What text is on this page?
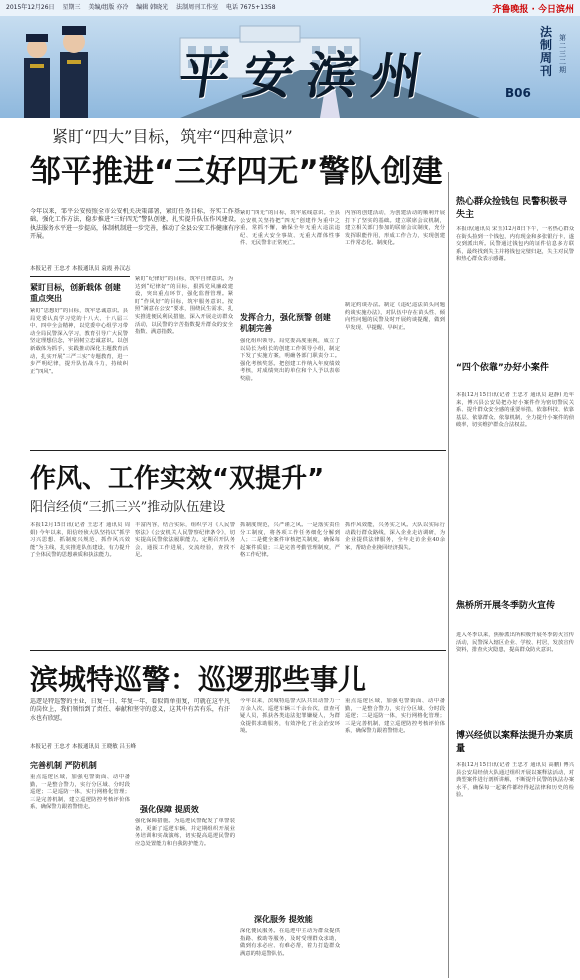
2015年12月26日 星期三 美编/组版 亦冷 编辑 韩晓光 法制周刊工作室 电话 7675+1358	齐鲁晚报 · 今日滨州
平安滨州
法制周刊
第二三二期
B06
紧盯“四大”目标，筑牢“四种意识”
邹平推进“三好四无”警队创建
今年以来，邹平公安按照全市公安机关决策部署，紧盯任务目标，夯实工作基础，强化工作方法，稳步推进“三好四无”警队创建，扎实提升队伍作风建设，执法服务水平进一步提高，体制机制进一步完善，推动了全县公安工作健康有序开展。
本报记者 王忠才 本报通讯员 袁霞 孙汉志
紧盯目标，创新载体 创建重点突出
紧盯“思想好”的目标，筑牢忠诚意识。县局党委认真学习党的十八大、十八届三中、四中全会精神，以党委中心组学习带动全局民警深入学习，教育引导广大民警坚定理想信念，牢固树立忠诚意识。以创新载体为抓手，实践推动深化主题教育活动，扎实开展“三严三实”专题教育，进一步严明纪律，提升队伍战斗力，持续纠正“四风”。
紧盯“纪律好”的目标，筑牢自律意识。为达到“纪律好”的目标，狠抓党风廉政建设，突出重点环节，强化监督管理。紧盯“作风好”的目标，筑牢服务意识。按照“满意在公安”要求，围绕民生需求，扎实推进便民利民措施，深入开展走访群众活动，以民警的辛苦指数提升群众的安全指数、满意指数。
紧盯“四无”的目标，筑牢底线意识。全县公安机关坚持把“四无”创建作为重中之重，常抓不懈，确保全年无重大违法违纪、无重大安全事故、无重大群体性事件、无民警非正常死亡。
发挥合力，强化预警 创建机制完善
强化组织领导。局党委高度重视，成立了以局长为组长的创建工作领导小组，制定下发了实施方案，明确各部门职责分工。强化考核奖惩。把创建工作纳入年度绩效考核，对成绩突出的单位和个人予以表彰奖励。
内容的创建活动，为创建活动的顺利开展打下了坚实的基础。建立联席会议机制，建立相关部门参加的联席会议制度，充分发挥职能作用，形成工作合力，实现创建工作常态化、制度化。
制定约谈办法。制定《违纪违法苗头问题约谈实施办法》，对队伍中存在苗头性、倾向性问题的民警及时开展约谈提醒，做到早发现、早提醒、早纠正。
作风、工作实效“双提升”
阳信经侦“三抓三兴”推动队伍建设
本报12月15日讯(记者 王忠才 通讯员 周娟) 今年以来，阳信经侦大队坚持以“抓学习兴思想、抓制度兴规范、抓作风兴效能”为主线，扎实推进队伍建设，有力提升了全体民警的思想素质和执法能力。
丰富内容，结合实际，组织学习《人民警察法》《公安机关人民警察纪律条令》，切实提高民警依法履职能力。定期召开队务会，通报工作进展，交流经验，查找不足。
抓制度规范，兴严谨之风。一是落实责任分工制度，将各项工作任务细化分解到人；二是健全案件审核把关制度，确保每起案件质量；三是完善考勤管理制度，严格工作纪律。
抓作风效能，兴务实之风。大队以实际行动践行群众路线，深入企业走访调研，为企业提供法律服务，全年走访企业40余家，帮助企业挽回经济损失。
滨城特巡警：巡逻那些事儿
巡逻是特巡警的主业，日复一日、年复一年，看似简单重复，可就在这平凡的岗位上，我们领悟到了责任、奉献和坚守的意义，这其中有苦有乐，有汗水也有欣慰。
本报记者 王忠才 本报通讯员 王晓敏 吕玉峰
完善机制 严防机制
重点巡逻区域，加强屯警街面、动中备勤，一是整合警力，实行分区域、分时段巡逻；二是巡防一体，实行网格化管理；三是完善机制，建立巡逻防控考核评价体系，确保警力跟着警情走。	强化保障 提质效
强化保障措施。为巡逻民警配发了单警装备，更新了巡逻车辆，并定期组织开展业务培训和实战演练，切实提高巡逻民警的应急处置能力和自我防护能力。
今年以来，滨城特巡警大队共出动警力一万余人次，巡逻车辆三千余台次，盘查可疑人员，抓获各类违法犯罪嫌疑人，为群众提供求助服务，有效净化了社会治安环境。
深化服务 提效能
深化便民服务。在巡逻中主动为群众提供指路、救助等服务，及时受理群众求助，做到有求必应、有难必帮，着力打造群众满意的特巡警队伍。
重点巡逻区域，加强屯警街面、动中备勤，一是整合警力，实行分区域、分时段巡逻；二是巡防一体，实行网格化管理；三是完善机制，建立巡逻防控考核评价体系，确保警力跟着警情走。
热心群众捡钱包 民警积极寻失主
本报讯(通讯员 宋玉)12月8日下午，一名热心群众在街头捡到一个钱包，内有现金和多张银行卡，遂交到派出所。民警通过钱包内的证件信息多方联系，最终找到失主并将钱包完璧归赵，失主对民警和热心群众表示感谢。
“四个依靠”办好小案件
本报12月15日讯(记者 王忠才 通讯员 赵静) 近年来，博兴县公安局把办好小案件作为密切警民关系、提升群众安全感的重要举措，依靠科技、依靠基层、依靠群众、依靠机制，全力提升小案件的侦破率，切实维护群众合法权益。
焦桥所开展冬季防火宣传
进入冬季以来，焦桥派出所积极开展冬季防火宣传活动，民警深入辖区企业、学校、村居，发放宣传资料，排查火灾隐患，提高群众防火意识。
博兴经侦以案释法提升办案质量
本报12月15日讯(记者 王忠才 通讯员 高鹏) 博兴县公安局经侦大队通过组织开展以案释法活动，对典型案件进行剖析讲解，不断提升民警的执法办案水平，确保每一起案件都经得起法律和历史的检验。
